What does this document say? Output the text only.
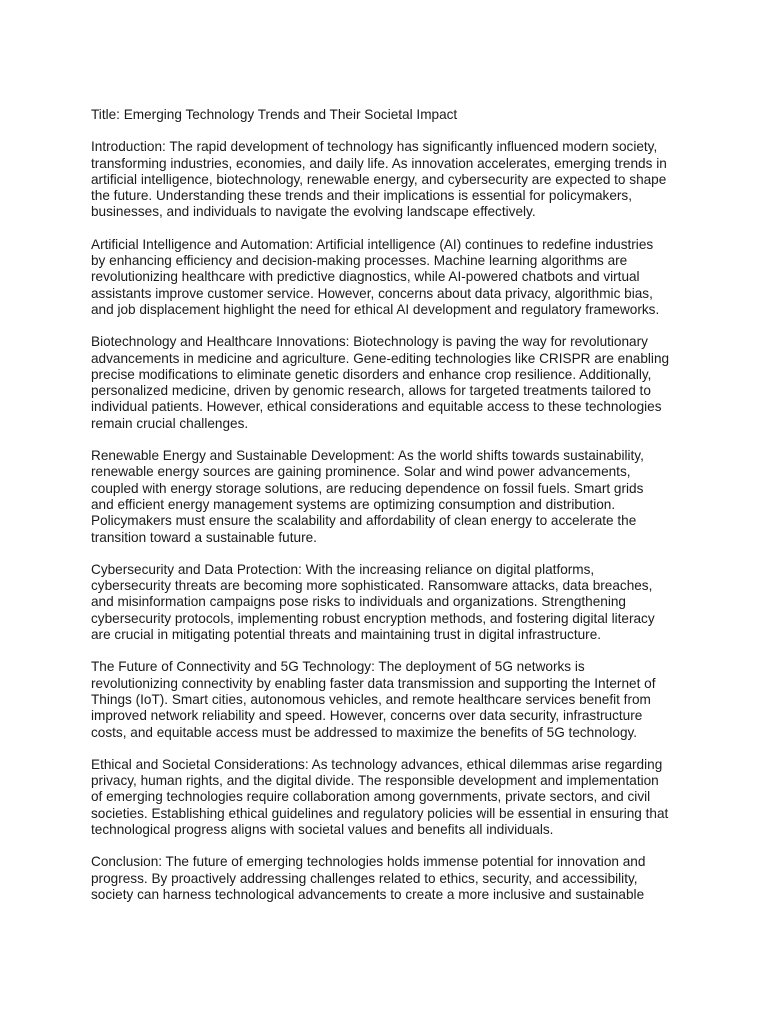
Title: Emerging Technology Trends and Their Societal Impact

Introduction: The rapid development of technology has significantly influenced modern society,
transforming industries, economies, and daily life. As innovation accelerates, emerging trends in
artificial intelligence, biotechnology, renewable energy, and cybersecurity are expected to shape
the future. Understanding these trends and their implications is essential for policymakers,
businesses, and individuals to navigate the evolving landscape effectively.

Artificial Intelligence and Automation: Artificial intelligence (AI) continues to redefine industries
by enhancing efficiency and decision-making processes. Machine learning algorithms are
revolutionizing healthcare with predictive diagnostics, while AI-powered chatbots and virtual
assistants improve customer service. However, concerns about data privacy, algorithmic bias,
and job displacement highlight the need for ethical AI development and regulatory frameworks.

Biotechnology and Healthcare Innovations: Biotechnology is paving the way for revolutionary
advancements in medicine and agriculture. Gene-editing technologies like CRISPR are enabling
precise modifications to eliminate genetic disorders and enhance crop resilience. Additionally,
personalized medicine, driven by genomic research, allows for targeted treatments tailored to
individual patients. However, ethical considerations and equitable access to these technologies
remain crucial challenges.

Renewable Energy and Sustainable Development: As the world shifts towards sustainability,
renewable energy sources are gaining prominence. Solar and wind power advancements,
coupled with energy storage solutions, are reducing dependence on fossil fuels. Smart grids
and efficient energy management systems are optimizing consumption and distribution.
Policymakers must ensure the scalability and affordability of clean energy to accelerate the
transition toward a sustainable future.

Cybersecurity and Data Protection: With the increasing reliance on digital platforms,
cybersecurity threats are becoming more sophisticated. Ransomware attacks, data breaches,
and misinformation campaigns pose risks to individuals and organizations. Strengthening
cybersecurity protocols, implementing robust encryption methods, and fostering digital literacy
are crucial in mitigating potential threats and maintaining trust in digital infrastructure.

The Future of Connectivity and 5G Technology: The deployment of 5G networks is
revolutionizing connectivity by enabling faster data transmission and supporting the Internet of
Things (IoT). Smart cities, autonomous vehicles, and remote healthcare services benefit from
improved network reliability and speed. However, concerns over data security, infrastructure
costs, and equitable access must be addressed to maximize the benefits of 5G technology.

Ethical and Societal Considerations: As technology advances, ethical dilemmas arise regarding
privacy, human rights, and the digital divide. The responsible development and implementation
of emerging technologies require collaboration among governments, private sectors, and civil
societies. Establishing ethical guidelines and regulatory policies will be essential in ensuring that
technological progress aligns with societal values and benefits all individuals.

Conclusion: The future of emerging technologies holds immense potential for innovation and
progress. By proactively addressing challenges related to ethics, security, and accessibility,
society can harness technological advancements to create a more inclusive and sustainable
